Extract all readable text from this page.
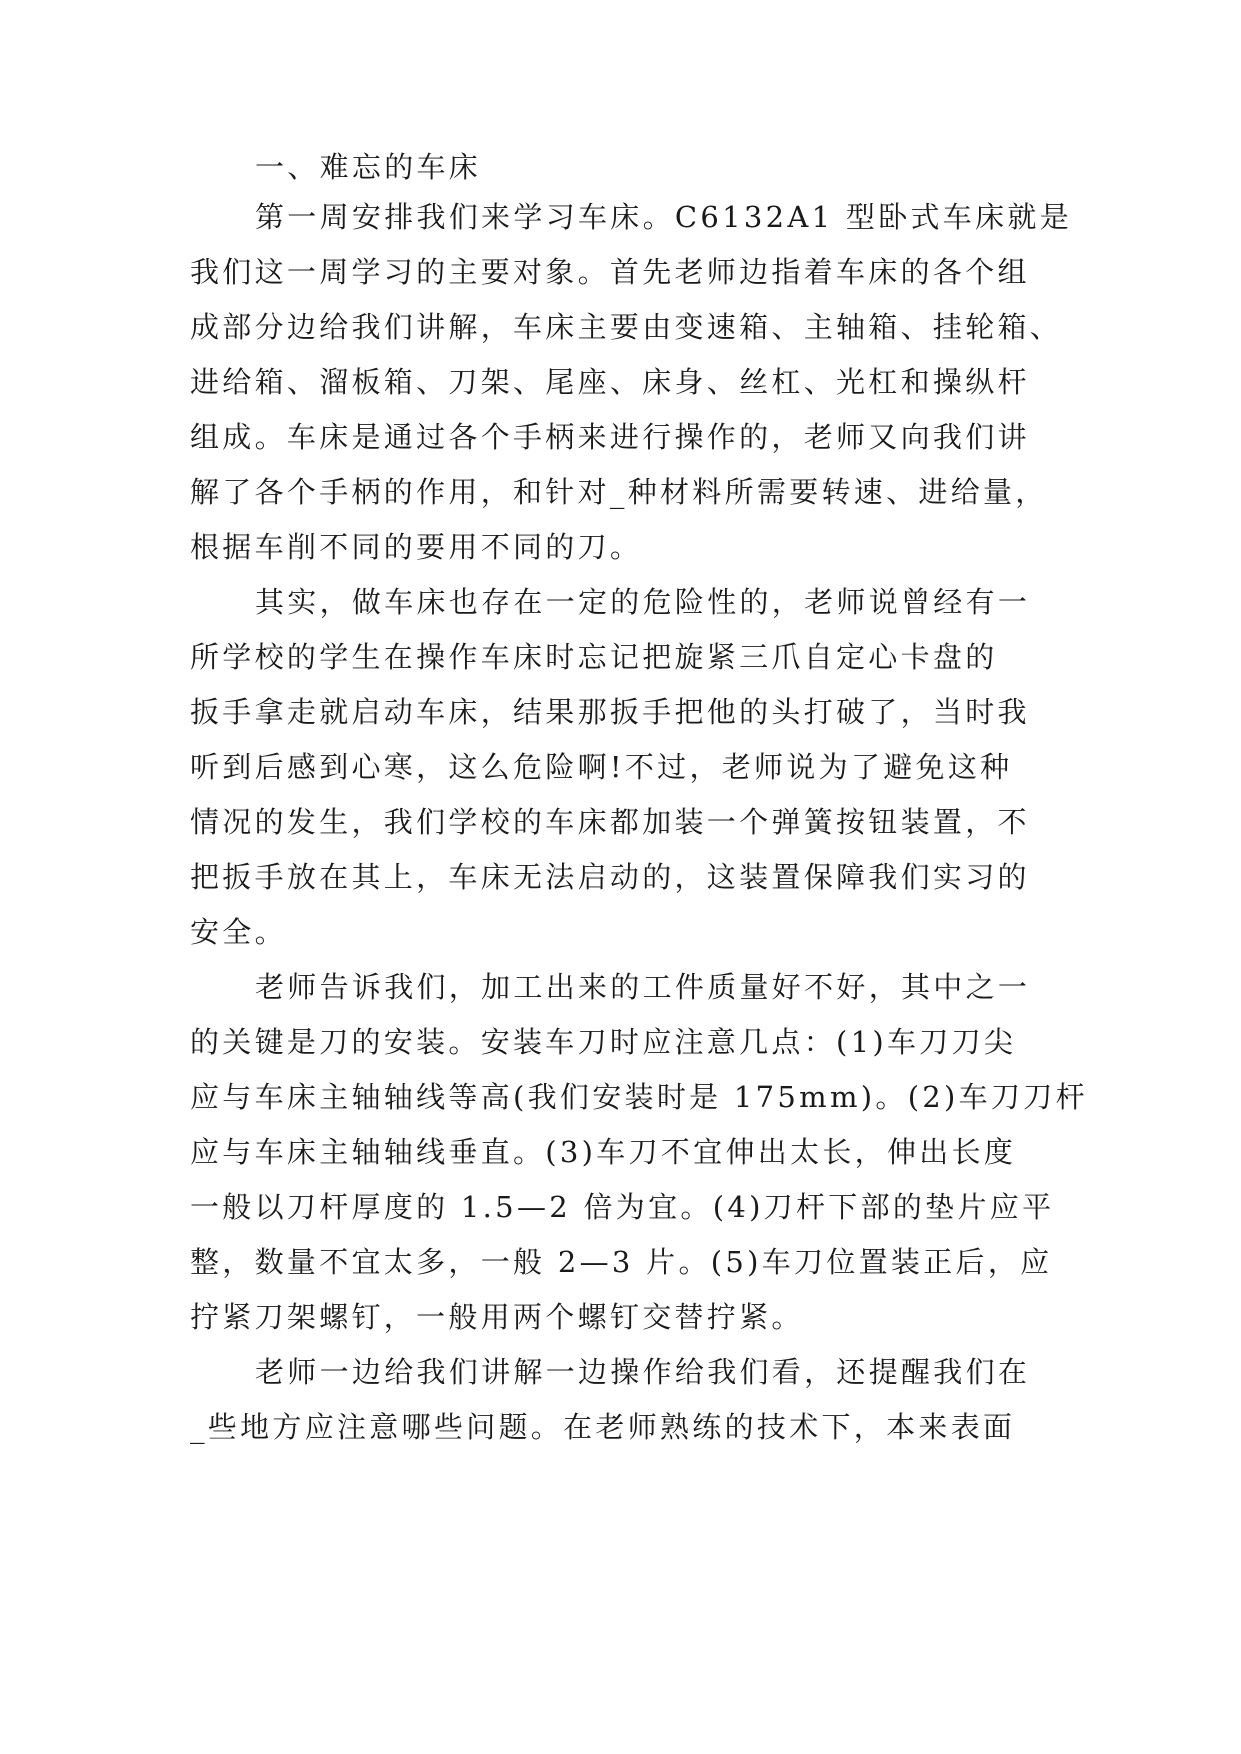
一、难忘的车床
第一周安排我们来学习车床。C6132A1 型卧式车床就是
我们这一周学习的主要对象。首先老师边指着车床的各个组
成部分边给我们讲解，车床主要由变速箱、主轴箱、挂轮箱、
进给箱、溜板箱、刀架、尾座、床身、丝杠、光杠和操纵杆
组成。车床是通过各个手柄来进行操作的，老师又向我们讲
解了各个手柄的作用，和针对_种材料所需要转速、进给量，
根据车削不同的要用不同的刀。
其实，做车床也存在一定的危险性的，老师说曾经有一
所学校的学生在操作车床时忘记把旋紧三爪自定心卡盘的
扳手拿走就启动车床，结果那扳手把他的头打破了，当时我
听到后感到心寒，这么危险啊!不过，老师说为了避免这种
情况的发生，我们学校的车床都加装一个弹簧按钮装置，不
把扳手放在其上，车床无法启动的，这装置保障我们实习的
安全。
老师告诉我们，加工出来的工件质量好不好，其中之一
的关键是刀的安装。安装车刀时应注意几点：(1)车刀刀尖
应与车床主轴轴线等高(我们安装时是 175mm)。(2)车刀刀杆
应与车床主轴轴线垂直。(3)车刀不宜伸出太长，伸出长度
一般以刀杆厚度的 1.5—2 倍为宜。(4)刀杆下部的垫片应平
整，数量不宜太多，一般 2—3 片。(5)车刀位置装正后，应
拧紧刀架螺钉，一般用两个螺钉交替拧紧。
老师一边给我们讲解一边操作给我们看，还提醒我们在
_些地方应注意哪些问题。在老师熟练的技术下，本来表面
